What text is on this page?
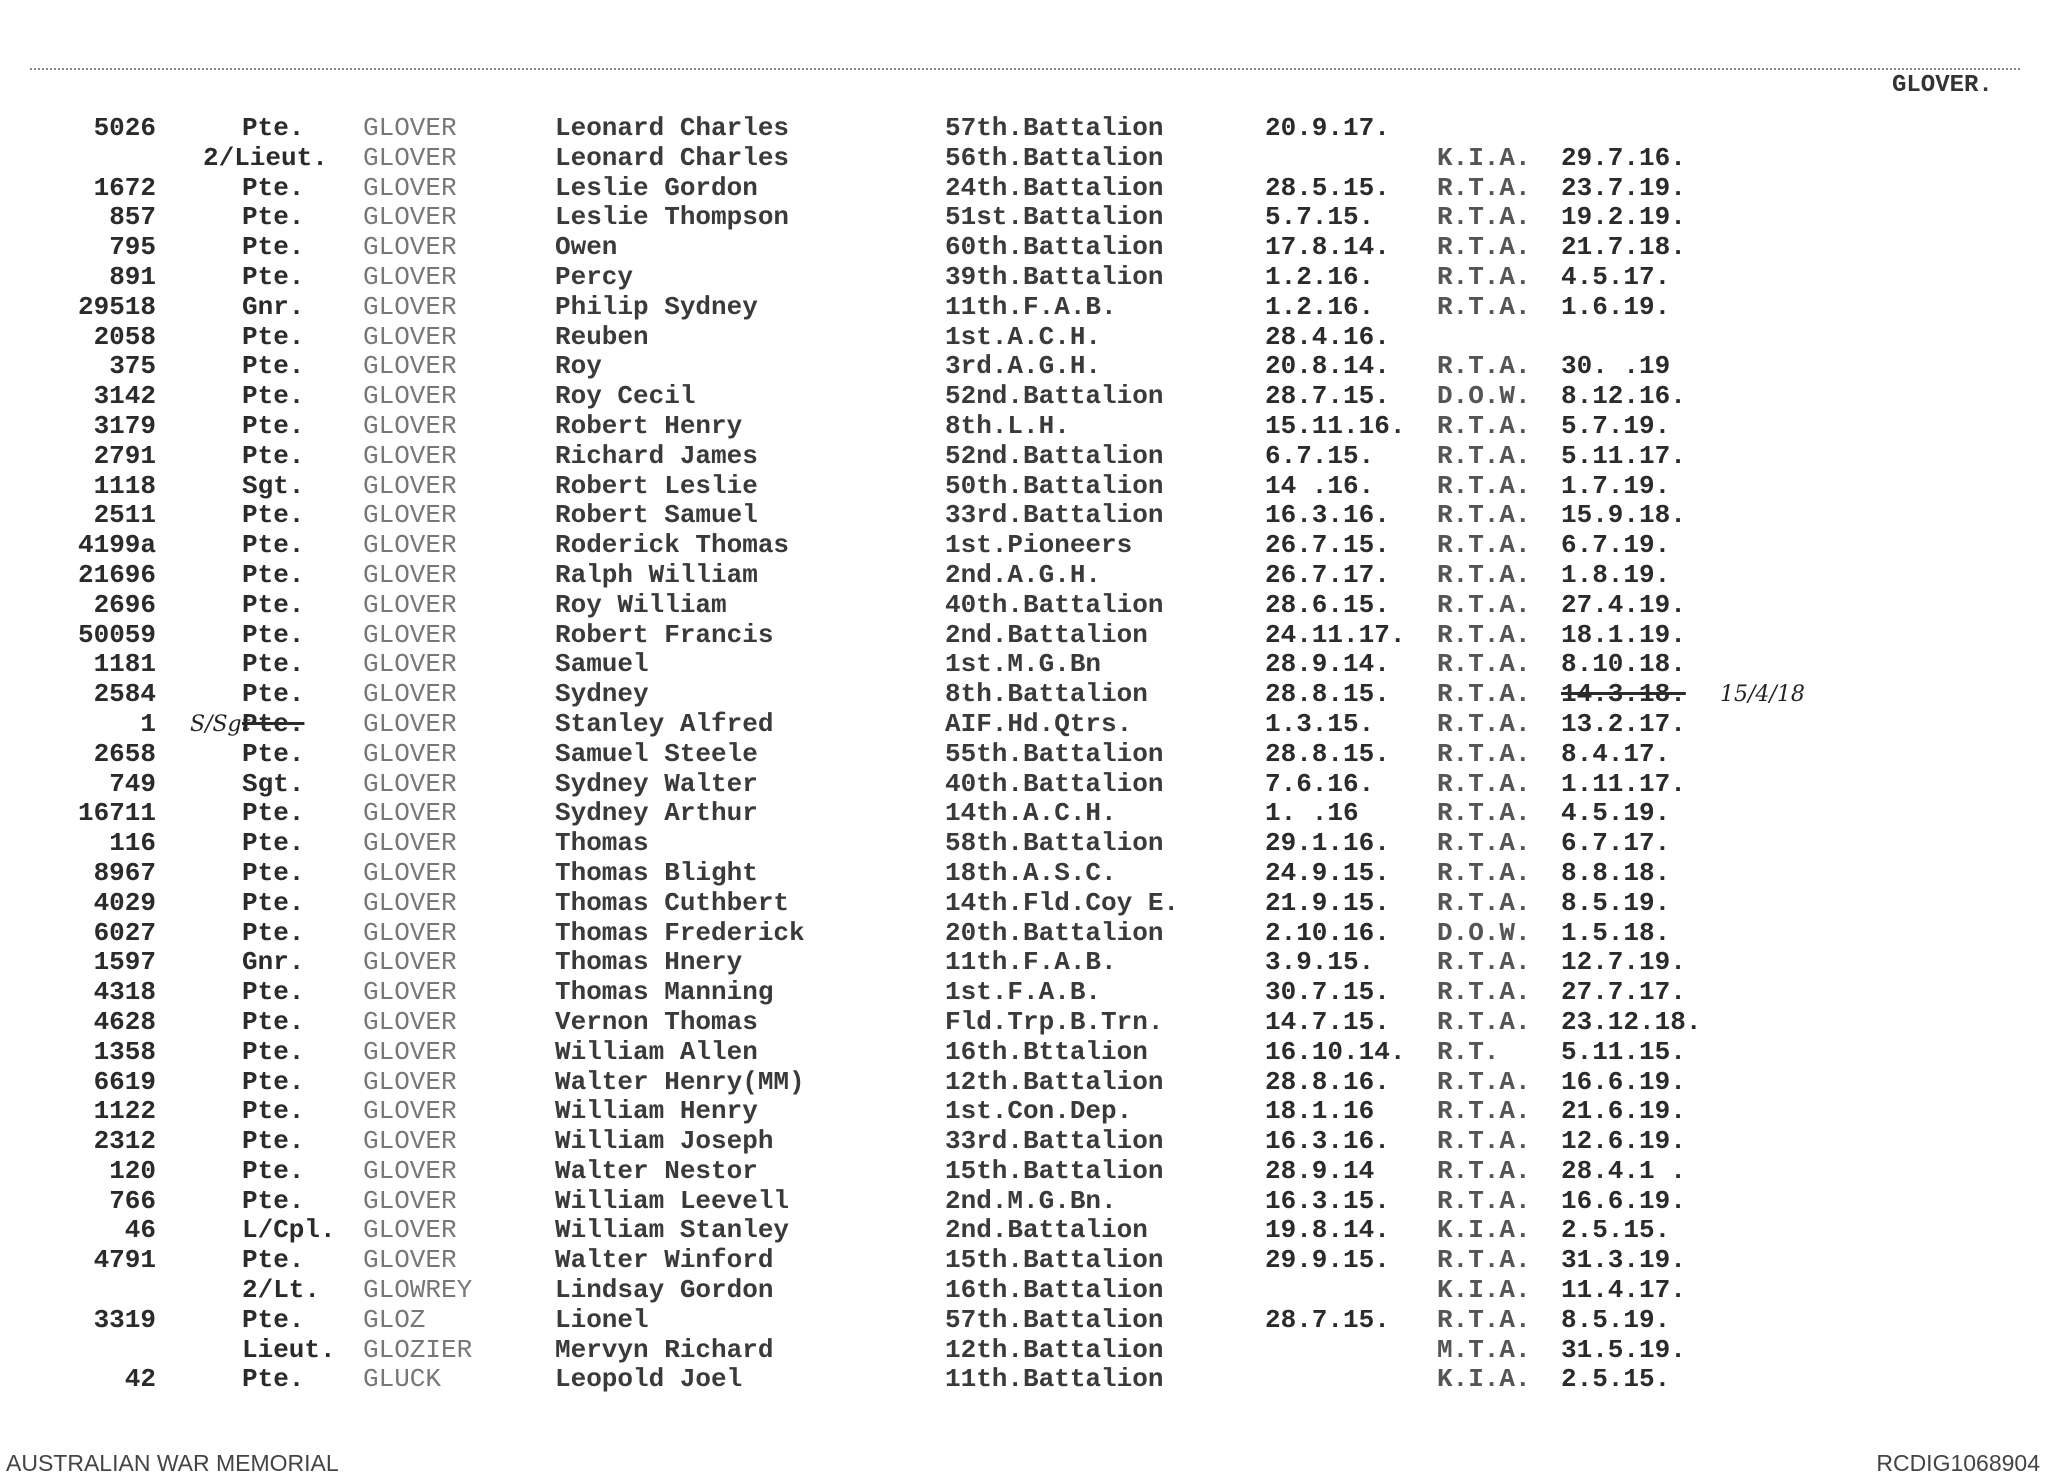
GLOVER.
5026	Pte. GLOVER	Leonard Charles	57th.Battalion	20.9.17.
2/Lieut. GLOVER	Leonard Charles	56th.Battalion	K.I.A. 29.7.16.
1672	Pte. GLOVER	Leslie Gordon	24th.Battalion	28.5.15. R.T.A. 23.7.19.
857	Pte. GLOVER	Leslie Thompson	51st.Battalion	5.7.15. R.T.A. 19.2.19.
795	Pte. GLOVER	Owen	60th.Battalion	17.8.14. R.T.A. 21.7.18.
891	Pte. GLOVER	Percy	39th.Battalion	1.2.16. R.T.A. 4.5.17.
29518	Gnr. GLOVER	Philip Sydney	11th.F.A.B.	1.2.16. R.T.A. 1.6.19.
2058	Pte. GLOVER	Reuben	1st.A.C.H.	28.4.16.
375	Pte. GLOVER	Roy	3rd.A.G.H.	20.8.14. R.T.A. 30. .19
3142	Pte. GLOVER	Roy Cecil	52nd.Battalion	28.7.15. D.O.W. 8.12.16.
3179	Pte. GLOVER	Robert Henry	8th.L.H.	15.11.16. R.T.A. 5.7.19.
2791	Pte. GLOVER	Richard James	52nd.Battalion	6.7.15. R.T.A. 5.11.17.
1118	Sgt. GLOVER	Robert Leslie	50th.Battalion	14 .16. R.T.A. 1.7.19.
2511	Pte. GLOVER	Robert Samuel	33rd.Battalion	16.3.16. R.T.A. 15.9.18.
4199a	Pte. GLOVER	Roderick Thomas	1st.Pioneers	26.7.15. R.T.A. 6.7.19.
21696	Pte. GLOVER	Ralph William	2nd.A.G.H.	26.7.17. R.T.A. 1.8.19.
2696	Pte. GLOVER	Roy William	40th.Battalion	28.6.15. R.T.A. 27.4.19.
50059	Pte. GLOVER	Robert Francis	2nd.Battalion	24.11.17. R.T.A. 18.1.19.
1181	Pte. GLOVER	Samuel	1st.M.G.Bn	28.9.14. R.T.A. 8.10.18.
2584	Pte. GLOVER	Sydney	8th.Battalion	28.8.15. R.T.A. 14.3.18. 15/4/18
1	Pte. GLOVER	Stanley Alfred	AIF.Hd.Qtrs.	1.3.15. R.T.A. 13.2.17.
S/Sgt
2658	Pte. GLOVER	Samuel Steele	55th.Battalion	28.8.15. R.T.A. 8.4.17.
749	Sgt. GLOVER	Sydney Walter	40th.Battalion	7.6.16. R.T.A. 1.11.17.
16711	Pte. GLOVER	Sydney Arthur	14th.A.C.H.	1. .16	R.T.A. 4.5.19.
116	Pte. GLOVER	Thomas	58th.Battalion	29.1.16. R.T.A. 6.7.17.
8967	Pte. GLOVER	Thomas Blight	18th.A.S.C.	24.9.15. R.T.A. 8.8.18.
4029	Pte. GLOVER	Thomas Cuthbert	14th.Fld.Coy E.	21.9.15. R.T.A. 8.5.19.
6027	Pte. GLOVER	Thomas Frederick	20th.Battalion	2.10.16. D.O.W. 1.5.18.
1597	Gnr. GLOVER	Thomas Hnery	11th.F.A.B.	3.9.15. R.T.A. 12.7.19.
4318	Pte. GLOVER	Thomas Manning	1st.F.A.B.	30.7.15. R.T.A. 27.7.17.
4628	Pte. GLOVER	Vernon Thomas	Fld.Trp.B.Trn.	14.7.15. R.T.A. 23.12.18.
1358	Pte. GLOVER	William Allen	16th.Bttalion	16.10.14. R.T. 5.11.15.
6619	Pte. GLOVER	Walter Henry(MM)	12th.Battalion	28.8.16. R.T.A. 16.6.19.
1122	Pte. GLOVER	William Henry	1st.Con.Dep.	18.1.16 R.T.A. 21.6.19.
2312	Pte. GLOVER	William Joseph	33rd.Battalion	16.3.16. R.T.A. 12.6.19.
120	Pte. GLOVER	Walter Nestor	15th.Battalion	28.9.14 R.T.A. 28.4.1 .
766	Pte. GLOVER	William Leevell	2nd.M.G.Bn.	16.3.15. R.T.A. 16.6.19.
46	L/Cpl. GLOVER	William Stanley	2nd.Battalion	19.8.14. K.I.A. 2.5.15.
4791	Pte. GLOVER	Walter Winford	15th.Battalion	29.9.15. R.T.A. 31.3.19.
2/Lt. GLOWREY	Lindsay Gordon	16th.Battalion	K.I.A. 11.4.17.
3319	Pte. GLOZ	Lionel	57th.Battalion	28.7.15. R.T.A. 8.5.19.
Lieut. GLOZIER	Mervyn Richard	12th.Battalion	M.T.A. 31.5.19.
42	Pte. GLUCK	Leopold Joel	11th.Battalion	K.I.A. 2.5.15.
AUSTRALIAN WAR MEMORIAL	RCDIG1068904
